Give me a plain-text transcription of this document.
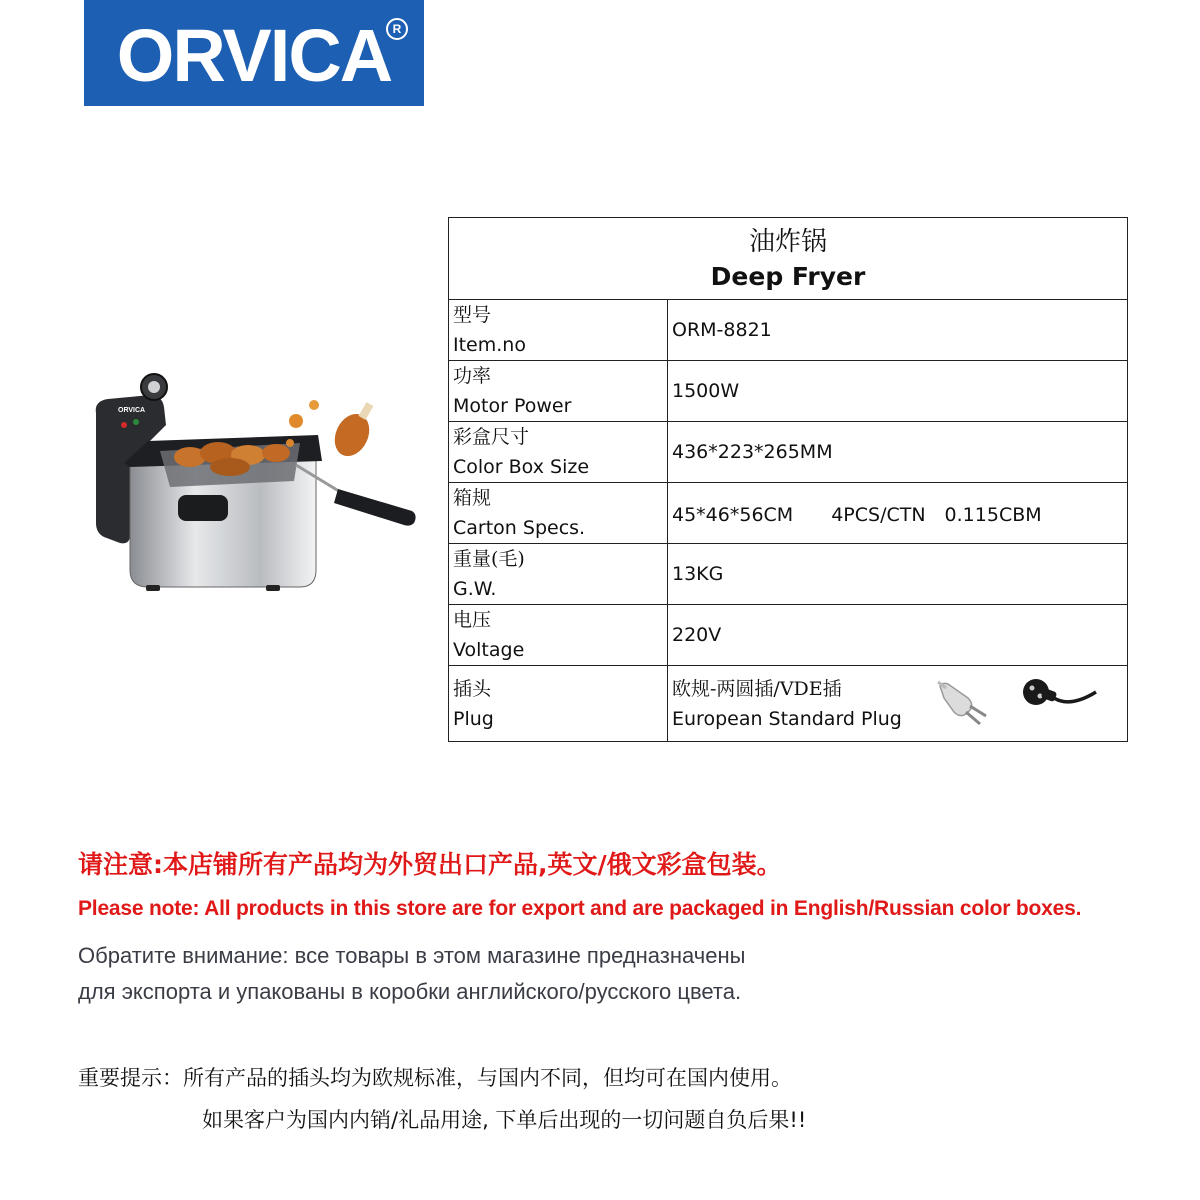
ORVICA R
ORVICA
油炸锅
Deep Fryer	

型号
Item.no	ORM-8821

功率
Motor Power	1500W

彩盒尺寸
Color Box Size	436*223*265MM

箱规
Carton Specs.	45*46*56CM　　4PCS/CTN　0.115CBM

重量(毛)
G.W.	13KG

电压
Voltage	220V

插头
Plug	欧规-两圆插/VDE插
European Standard Plug
请注意:本店铺所有产品均为外贸出口产品,英文/俄文彩盒包装。
Please note: All products in this store are for export and are packaged in English/Russian color boxes.
Обратите внимание: все товары в этом магазине предназначены
для экспорта и упакованы в коробки английского/русского цвета.
重要提示：所有产品的插头均为欧规标准，与国内不同，但均可在国内使用。
如果客户为国内内销/礼品用途, 下单后出现的一切问题自负后果!!
